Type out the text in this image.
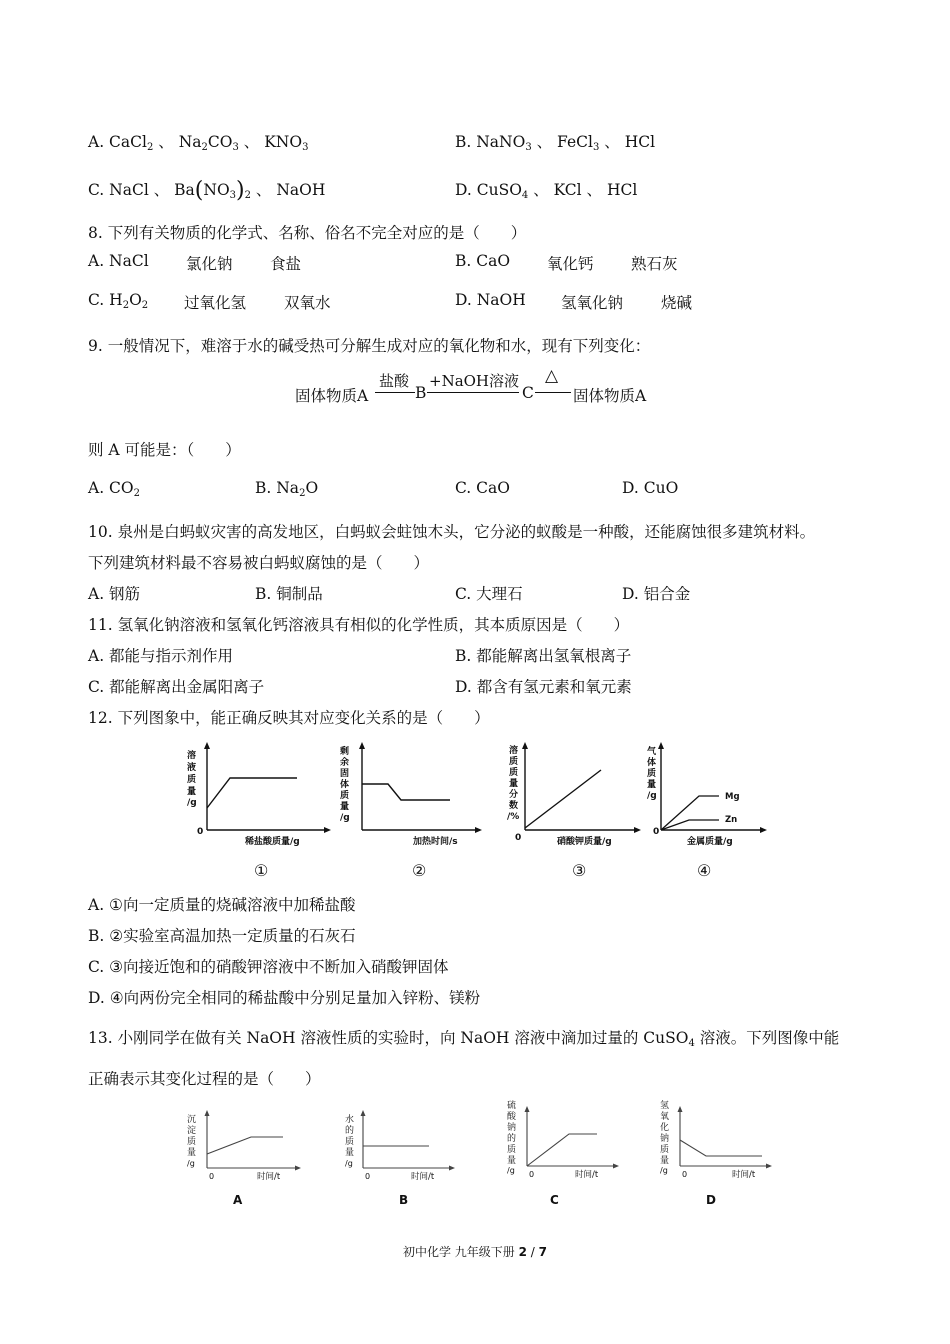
A. CaCl$_2$ 、 $Na_2CO_3$ 、 $KNO_3$	B. NaNO$_3$ 、 FeCl$_3$ 、 HCl
C. NaCl 、 $Ba(NO_3)_2$ 、 NaOH	D. CuSO$_4$ 、 KCl 、 HCl
8. 下列有关物质的化学式、名称、俗名不完全对应的是（　　）
A. NaCl 氯化钠 食盐	B. CaO 氧化钙 熟石灰
C. $H_2O_2$ 过氧化氢 双氧水	D. NaOH 氢氧化钠 烧碱
9. 一般情况下，难溶于水的碱受热可分解生成对应的氧化物和水，现有下列变化：
固体物质A
盐酸
B
+NaOH溶液
C
△
固体物质A
则 A 可能是：（　　）
A. $CO_2$	B. $Na_2O$	C. CaO	D. CuO
10. 泉州是白蚂蚁灾害的高发地区，白蚂蚁会蛀蚀木头，它分泌的蚁酸是一种酸，还能腐蚀很多建筑材料。
下列建筑材料最不容易被白蚂蚁腐蚀的是（　　）
A. 钢筋	B. 铜制品	C. 大理石	D. 铝合金
11. 氢氧化钠溶液和氢氧化钙溶液具有相似的化学性质，其本质原因是（　　）
A. 都能与指示剂作用	B. 都能解离出氢氧根离子
C. 都能解离出金属阳离子	D. 都含有氢元素和氧元素
12. 下列图象中，能正确反映其对应变化关系的是（　　）
0
溶
液
质
量
/g
稀盐酸质量/g
①
剩
余
固
体
质
量
/g
加热时间/s
②
0
溶
质
质
量
分
数
/%
硝酸钾质量/g
③
Mg
Zn
0
气
体
质
量
/g
金属质量/g
④
A. ①向一定质量的烧碱溶液中加稀盐酸
B. ②实验室高温加热一定质量的石灰石
C. ③向接近饱和的硝酸钾溶液中不断加入硝酸钾固体
D. ④向两份完全相同的稀盐酸中分别足量加入锌粉、镁粉
13. 小刚同学在做有关 NaOH 溶液性质的实验时，向 NaOH 溶液中滴加过量的 CuSO$_4$ 溶液。下列图像中能
正确表示其变化过程的是（　　）
沉
淀
质
量
/g
0	时间/t
A
水
的
质
量
/g
0	时间/t
B
硫
酸
钠
的
质
量
/g 0	时间/t
C
氢
氧
化
钠
质
量
/g 0	时间/t
D
初中化学 九年级下册 2 / 7
